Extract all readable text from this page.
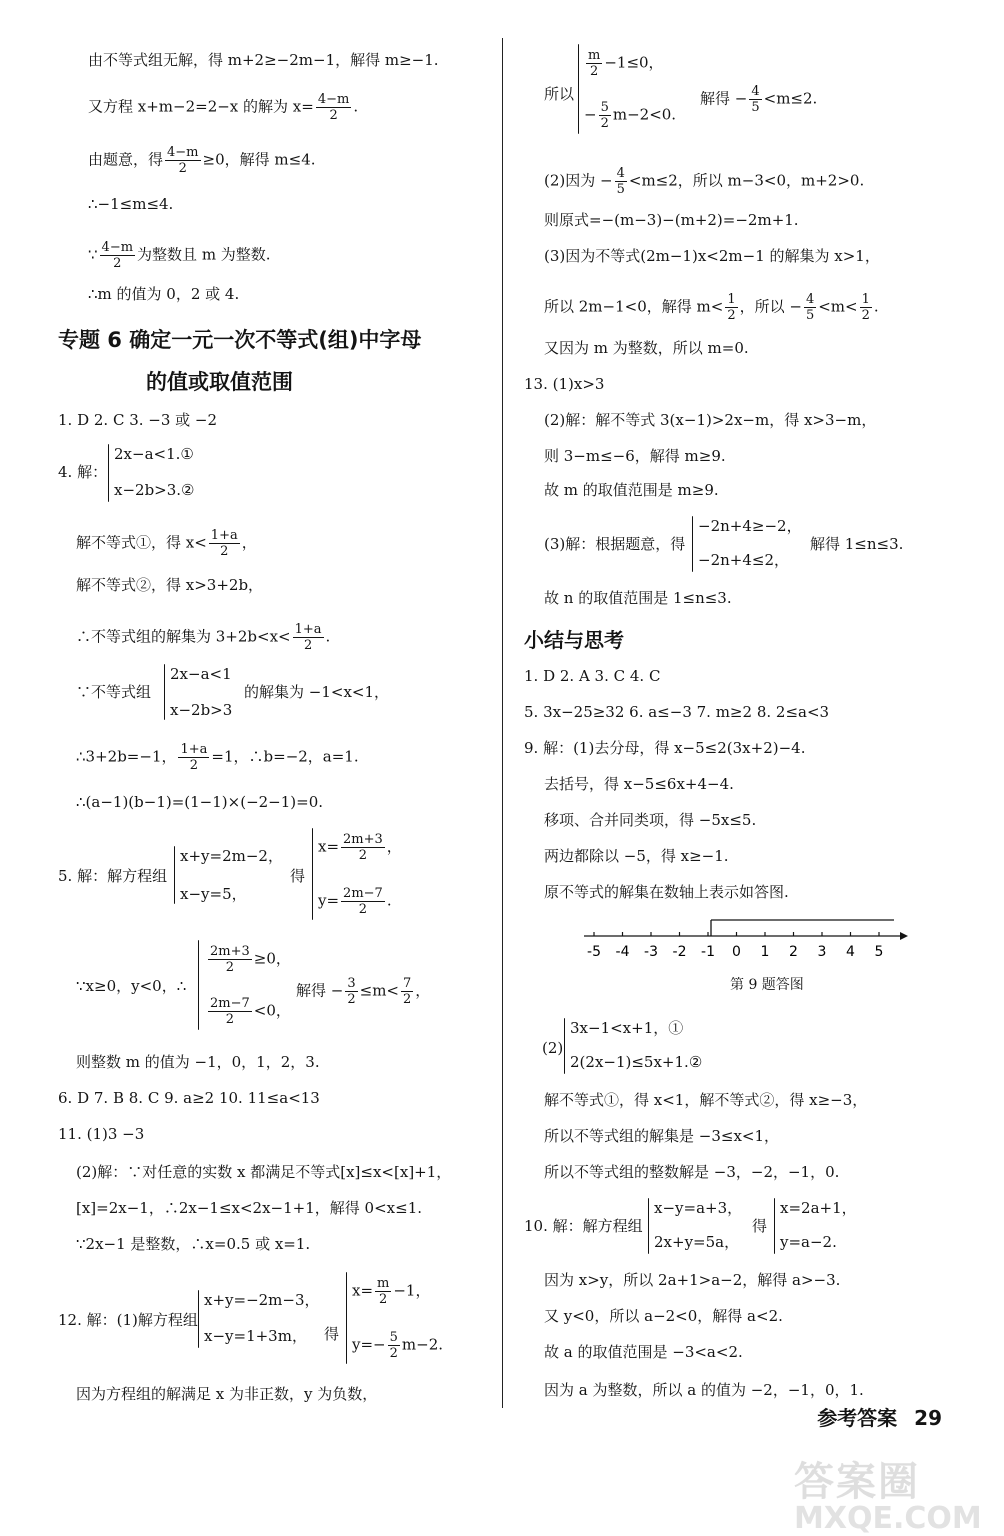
由不等式组无解，得 m+2≥−2m−1，解得 m≥−1.
又方程 x+m−2=2−x 的解为 $x= \frac{4-m}{2}$ .
由题意，得 $\frac{4-m}{2} \ge 0$，解得 m≤4.
∴−1≤m≤4.
∵ $\frac{4-m}{2}$ 为整数且 m 为整数.
∴m 的值为 0，2 或 4.
专题 6 确定一元一次不等式(组)中字母
的值或取值范围
1. D 2. C 3. −3 或 −2
4. 解：
2x−a<1.①
x−2b>3.②
解不等式①，得 $x< \frac{1+a}{2}$ ，
解不等式②，得 x>3+2b，
∴不等式组的解集为 $3+2b<x< \frac{1+a}{2}$ .
∵不等式组
2x−a<1
x−2b>3
的解集为 −1<x<1，
∴3+2b=−1， $\frac{1+a}{2} =1$，∴b=−2，a=1.
∴(a−1)(b−1)=(1−1)×(−2−1)=0.
5. 解：解方程组
x+y=2m−2，
x−y=5，
得
$x= \frac{2m+3}{2}$ ，
$y= \frac{2m-7}{2}$ .
∵x≥0，y<0，∴
$\frac{2m+3}{2} \ge 0$，
$\frac{2m-7}{2} <0$，
解得 − $\frac{3}{2} \le m< \frac{7}{2}$ ，
则整数 m 的值为 −1，0，1，2，3.
6. D 7. B 8. C 9. a≥2 10. 11≤a<13
11. (1)3 −3
(2)解：∵对任意的实数 x 都满足不等式[x]≤x<[x]+1，
[x]=2x−1，∴2x−1≤x<2x−1+1，解得 0<x≤1.
∵2x−1 是整数，∴x=0.5 或 x=1.
12. 解：(1)解方程组
x+y=−2m−3，
x−y=1+3m， 得
$x= \frac{m}{2} -1$，
$y=- \frac{5}{2} m-2$.
因为方程组的解满足 x 为非正数，y 为负数，
所以
$\frac{m}{2} -1\le 0$，
− $\frac{5}{2} m-2<0$.
解得 − $\frac{4}{5} <m\le 2$.
(2)因为 − $\frac{4}{5} <m\le 2$，所以 m−3<0，m+2>0.
则原式=−(m−3)−(m+2)=−2m+1.
(3)因为不等式(2m−1)x<2m−1 的解集为 x>1，
所以 2m−1<0，解得 $m< \frac{1}{2}$ ，所以 − $\frac{4}{5} <m< \frac{1}{2}$ .
又因为 m 为整数，所以 m=0.
13. (1)x>3
(2)解：解不等式 3(x−1)>2x−m，得 x>3−m，
则 3−m≤−6，解得 m≥9.
故 m 的取值范围是 m≥9.
(3)解：根据题意，得
−2n+4≥−2，
−2n+4≤2，
解得 1≤n≤3.
故 n 的取值范围是 1≤n≤3.
小结与思考
1. D 2. A 3. C 4. C
5. 3x−25≥32 6. a≤−3 7. m≥2 8. 2≤a<3
9. 解：(1)去分母，得 x−5≤2(3x+2)−4.
去括号，得 x−5≤6x+4−4.
移项、合并同类项，得 −5x≤5.
两边都除以 −5，得 x≥−1.
原不等式的解集在数轴上表示如答图.
-5 -4 -3 -2 -1 0 1 2 3 4 5
第 9 题答图
(2)
3x−1<x+1，①
2(2x−1)≤5x+1.②
解不等式①，得 x<1，解不等式②，得 x≥−3，
所以不等式组的解集是 −3≤x<1，
所以不等式组的整数解是 −3，−2，−1，0.
10. 解：解方程组
x−y=a+3，
2x+y=5a，
得
x=2a+1，
y=a−2.
因为 x>y，所以 2a+1>a−2，解得 a>−3.
又 y<0，所以 a−2<0，解得 a<2.
故 a 的取值范围是 −3<a<2.
因为 a 为整数，所以 a 的值为 −2，−1，0，1.
参考答案 29
答案圈
MXQE.COM
